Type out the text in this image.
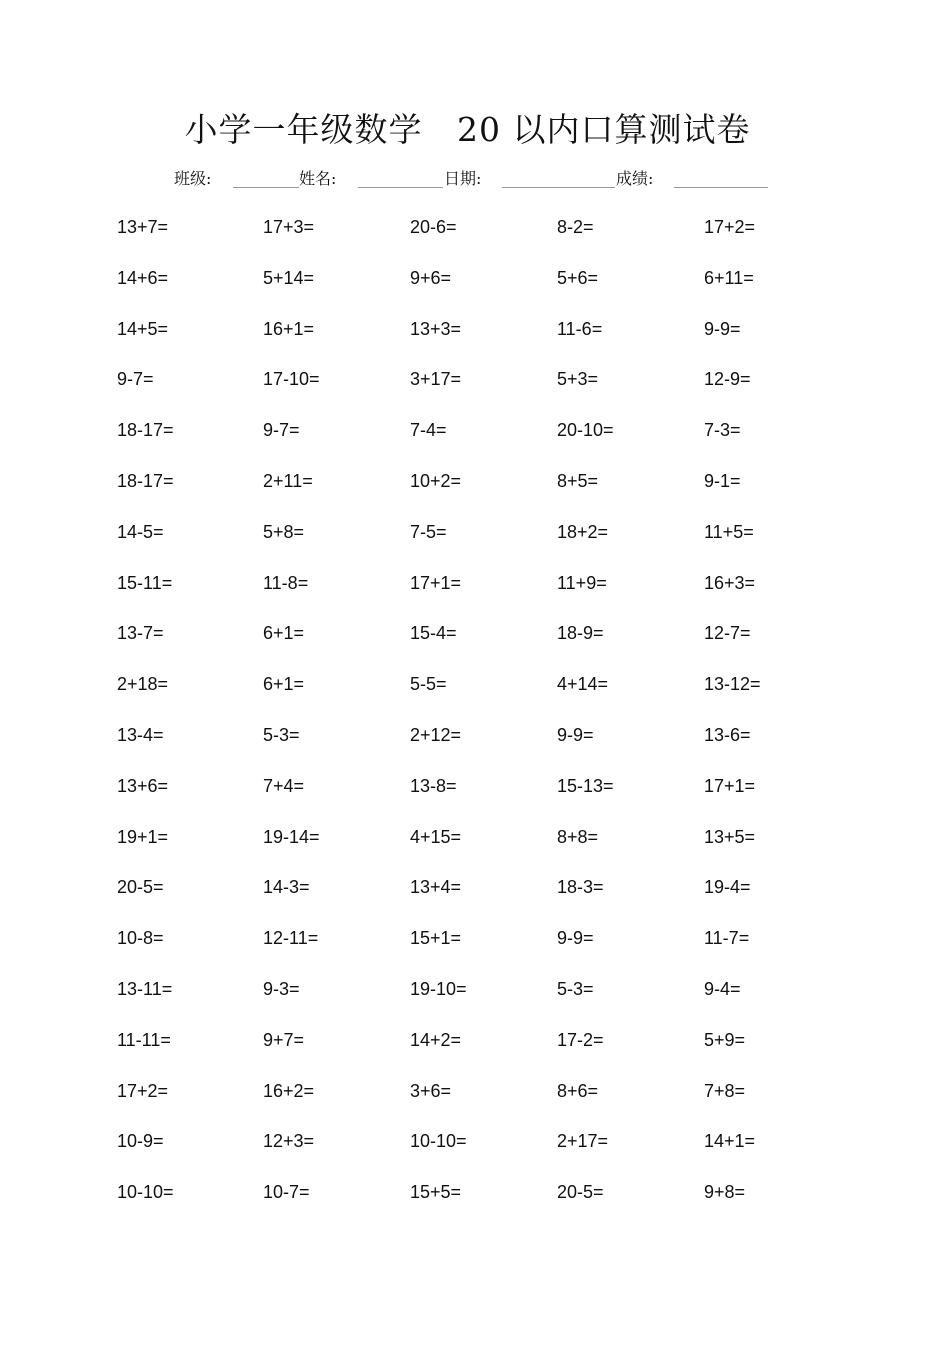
小学一年级数学   20 以内口算测试卷
班级:	姓名:	日期:	成绩:
13+7=	17+3=	20-6=	8-2=	17+2=
14+6=	5+14=	9+6=	5+6=	6+11=
14+5=	16+1=	13+3=	11-6=	9-9=
9-7=	17-10=	3+17=	5+3=	12-9=
18-17=	9-7=	7-4=	20-10=	7-3=
18-17=	2+11=	10+2=	8+5=	9-1=
14-5=	5+8=	7-5=	18+2=	11+5=
15-11=	11-8=	17+1=	11+9=	16+3=
13-7=	6+1=	15-4=	18-9=	12-7=
2+18=	6+1=	5-5=	4+14=	13-12=
13-4=	5-3=	2+12=	9-9=	13-6=
13+6=	7+4=	13-8=	15-13=	17+1=
19+1=	19-14=	4+15=	8+8=	13+5=
20-5=	14-3=	13+4=	18-3=	19-4=
10-8=	12-11=	15+1=	9-9=	11-7=
13-11=	9-3=	19-10=	5-3=	9-4=
11-11=	9+7=	14+2=	17-2=	5+9=
17+2=	16+2=	3+6=	8+6=	7+8=
10-9=	12+3=	10-10=	2+17=	14+1=
10-10=	10-7=	15+5=	20-5=	9+8=
